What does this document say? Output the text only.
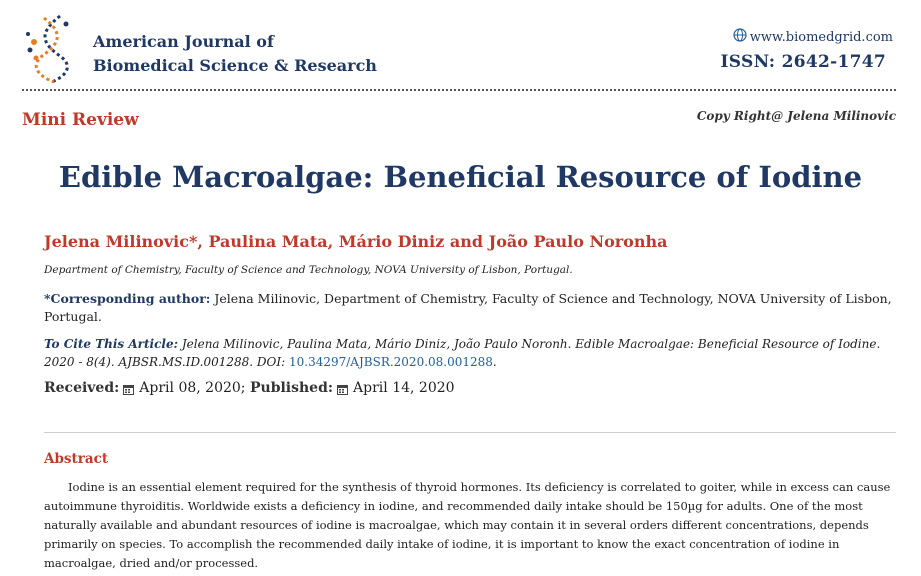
American Journal of
Biomedical Science & Research
www.biomedgrid.com
ISSN: 2642-1747
Mini Review	Copy Right@ Jelena Milinovic
Edible Macroalgae: Beneficial Resource of Iodine
Jelena Milinovic*, Paulina Mata, Mário Diniz and João Paulo Noronha
Department of Chemistry, Faculty of Science and Technology, NOVA University of Lisbon, Portugal.
*Corresponding author: Jelena Milinovic, Department of Chemistry, Faculty of Science and Technology, NOVA University of Lisbon, Portugal.
To Cite This Article: Jelena Milinovic, Paulina Mata, Mário Diniz, João Paulo Noronh. Edible Macroalgae: Beneficial Resource of Iodine. 2020 - 8(4). AJBSR.MS.ID.001288. DOI: 10.34297/AJBSR.2020.08.001288.
Received: April 08, 2020;
Published: April 14, 2020
Abstract
Iodine is an essential element required for the synthesis of thyroid hormones. Its deficiency is correlated to goiter, while in excess can cause autoimmune thyroiditis. Worldwide exists a deficiency in iodine, and recommended daily intake should be 150µg for adults. One of the most naturally available and abundant resources of iodine is macroalgae, which may contain it in several orders different concentrations, depends primarily on species. To accomplish the recommended daily intake of iodine, it is important to know the exact concentration of iodine in macroalgae, dried and/or processed.
